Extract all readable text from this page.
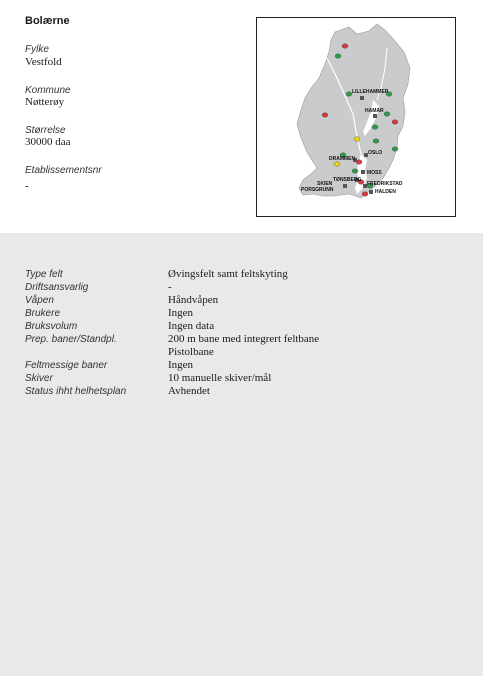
Bolærne
Fylke
Vestfold
Kommune
Nøtterøy
Størrelse
30000 daa
Etablissementsnr
-
LILLEHAMMER
HAMAR
OSLO
DRAMMEN
MOSS
TØNSBERG
FREDRIKSTAD
SKIEN
PORSGRUNN	HALDEN
Type felt	Øvingsfelt samt feltskyting
Driftsansvarlig	-
Våpen	Håndvåpen
Brukere	Ingen
Bruksvolum	Ingen data
Prep. baner/Standpl.	200 m bane med integrert feltbane
Pistolbane
Feltmessige baner	Ingen
Skiver	10 manuelle skiver/mål
Status ihht helhetsplan	Avhendet
